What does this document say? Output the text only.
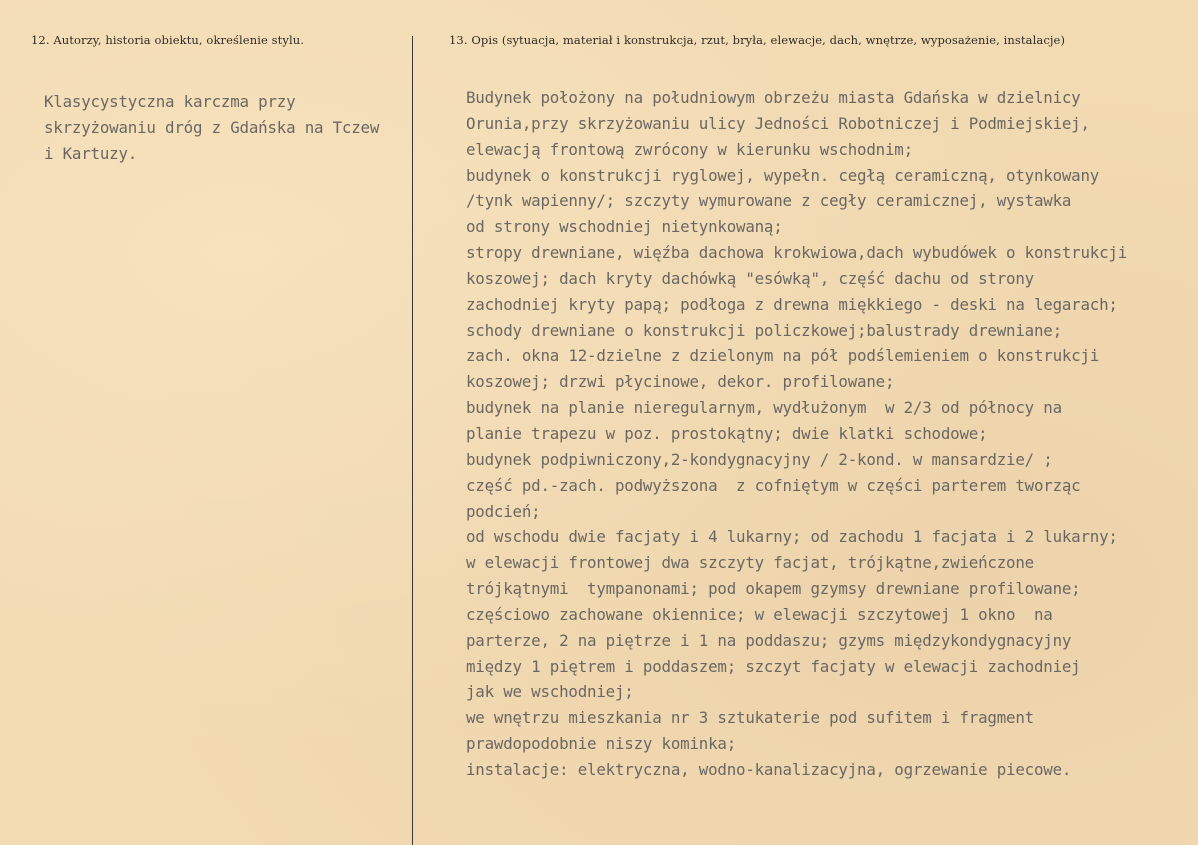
12. Autorzy, historia obiektu, określenie stylu.	13. Opis (sytuacja, materiał i konstrukcja, rzut, bryła, elewacje, dach, wnętrze, wyposażenie, instalacje)
Klasycystyczna karczma przy
skrzyżowaniu dróg z Gdańska na Tczew
i Kartuzy.
Budynek położony na południowym obrzeżu miasta Gdańska w dzielnicy
Orunia,przy skrzyżowaniu ulicy Jedności Robotniczej i Podmiejskiej,
elewacją frontową zwrócony w kierunku wschodnim;
budynek o konstrukcji ryglowej, wypełn. cegłą ceramiczną, otynkowany
/tynk wapienny/; szczyty wymurowane z cegły ceramicznej, wystawka
od strony wschodniej nietynkowaną;
stropy drewniane, więźba dachowa krokwiowa,dach wybudówek o konstrukcji
koszowej; dach kryty dachówką "esówką", część dachu od strony
zachodniej kryty papą; podłoga z drewna miękkiego - deski na legarach;
schody drewniane o konstrukcji policzkowej;balustrady drewniane;
zach. okna 12-dzielne z dzielonym na pół podślemieniem o konstrukcji
koszowej; drzwi płycinowe, dekor. profilowane;
budynek na planie nieregularnym, wydłużonym  w 2/3 od północy na
planie trapezu w poz. prostokątny; dwie klatki schodowe;
budynek podpiwniczony,2-kondygnacyjny / 2-kond. w mansardzie/ ;
część pd.-zach. podwyższona  z cofniętym w części parterem tworząc
podcień;
od wschodu dwie facjaty i 4 lukarny; od zachodu 1 facjata i 2 lukarny;
w elewacji frontowej dwa szczyty facjat, trójkątne,zwieńczone
trójkątnymi  tympanonami; pod okapem gzymsy drewniane profilowane;
częściowo zachowane okiennice; w elewacji szczytowej 1 okno  na
parterze, 2 na piętrze i 1 na poddaszu; gzyms międzykondygnacyjny
między 1 piętrem i poddaszem; szczyt facjaty w elewacji zachodniej
jak we wschodniej;
we wnętrzu mieszkania nr 3 sztukaterie pod sufitem i fragment
prawdopodobnie niszy kominka;
instalacje: elektryczna, wodno-kanalizacyjna, ogrzewanie piecowe.
